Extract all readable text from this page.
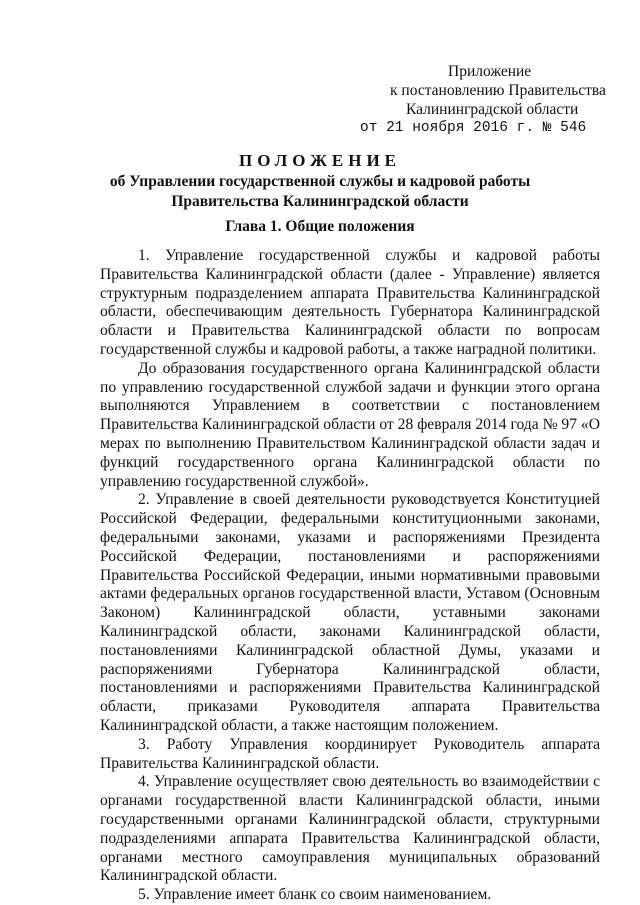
Приложение
к постановлению Правительства
Калининградской области
от 21 ноября 2016 г. № 546
ПОЛОЖЕНИЕ
об Управлении государственной службы и кадровой работы
Правительства Калининградской области
Глава 1. Общие положения

1. Управление государственной службы и кадровой работы Правительства Калининградской области (далее - Управление) является структурным подразделением аппарата Правительства Калининградской области, обеспечивающим деятельность Губернатора Калининградской области и Правительства Калининградской области по вопросам государственной службы и кадровой работы, а также наградной политики.

До образования государственного органа Калининградской области по управлению государственной службой задачи и функции этого органа выполняются Управлением в соответствии с постановлением Правительства Калининградской области от 28 февраля 2014 года № 97 «О мерах по выполнению Правительством Калининградской области задач и функций государственного органа Калининградской области по управлению государственной службой».

2. Управление в своей деятельности руководствуется Конституцией Российской Федерации, федеральными конституционными законами, федеральными законами, указами и распоряжениями Президента Российской Федерации, постановлениями и распоряжениями Правительства Российской Федерации, иными нормативными правовыми актами федеральных органов государственной власти, Уставом (Основным Законом) Калининградской области, уставными законами Калининградской области, законами Калининградской области, постановлениями Калининградской областной Думы, указами и распоряжениями Губернатора Калининградской области, постановлениями и распоряжениями Правительства Калининградской области, приказами Руководителя аппарата Правительства Калининградской области, а также настоящим положением.

3. Работу Управления координирует Руководитель аппарата Правительства Калининградской области.

4. Управление осуществляет свою деятельность во взаимодействии с органами государственной власти Калининградской области, иными государственными органами Калининградской области, структурными подразделениями аппарата Правительства Калининградской области, органами местного самоуправления муниципальных образований Калининградской области.

5. Управление имеет бланк со своим наименованием.
